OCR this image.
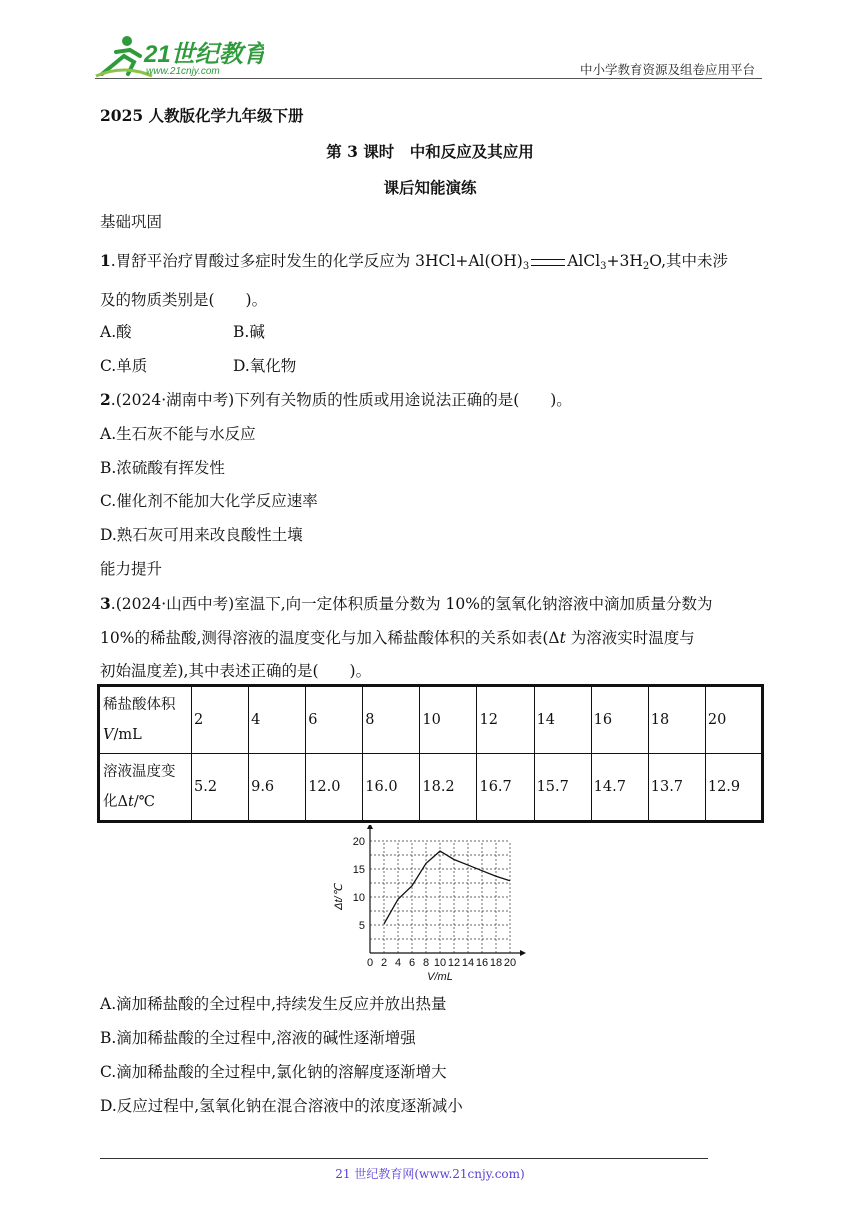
21世纪教育
www.21cnjy.com	中小学教育资源及组卷应用平台
2025 人教版化学九年级下册
第 3 课时　中和反应及其应用
课后知能演练
基础巩固
1.胃舒平治疗胃酸过多症时发生的化学反应为 $3HCl+Al(OH)_3$ $AlCl_3+3H_2O$,其中未涉
及的物质类别是(　　)。
A.酸	B.碱
C.单质	D.氧化物
2.(2024·湖南中考)下列有关物质的性质或用途说法正确的是(　　)。
A.生石灰不能与水反应
B.浓硫酸有挥发性
C.催化剂不能加大化学反应速率
D.熟石灰可用来改良酸性土壤
能力提升
3.(2024·山西中考)室温下,向一定体积质量分数为 10%的氢氧化钠溶液中滴加质量分数为
10%的稀盐酸,测得溶液的温度变化与加入稀盐酸体积的关系如表(Δt 为溶液实时温度与
初始温度差),其中表述正确的是(　　)。
稀盐酸体积
V/mL	2	4	6	8	10	12	14	16	18	20
溶液温度变
化Δt/℃	5.2	9.6	12.0	16.0	18.2	16.7	15.7	14.7	13.7	12.9
0 2 4 6 8 10 12 14 16 18 20
5
10
15
20
V/mL
Δt/℃
A.滴加稀盐酸的全过程中,持续发生反应并放出热量
B.滴加稀盐酸的全过程中,溶液的碱性逐渐增强
C.滴加稀盐酸的全过程中,氯化钠的溶解度逐渐增大
D.反应过程中,氢氧化钠在混合溶液中的浓度逐渐减小
21 世纪教育网(www.21cnjy.com)
